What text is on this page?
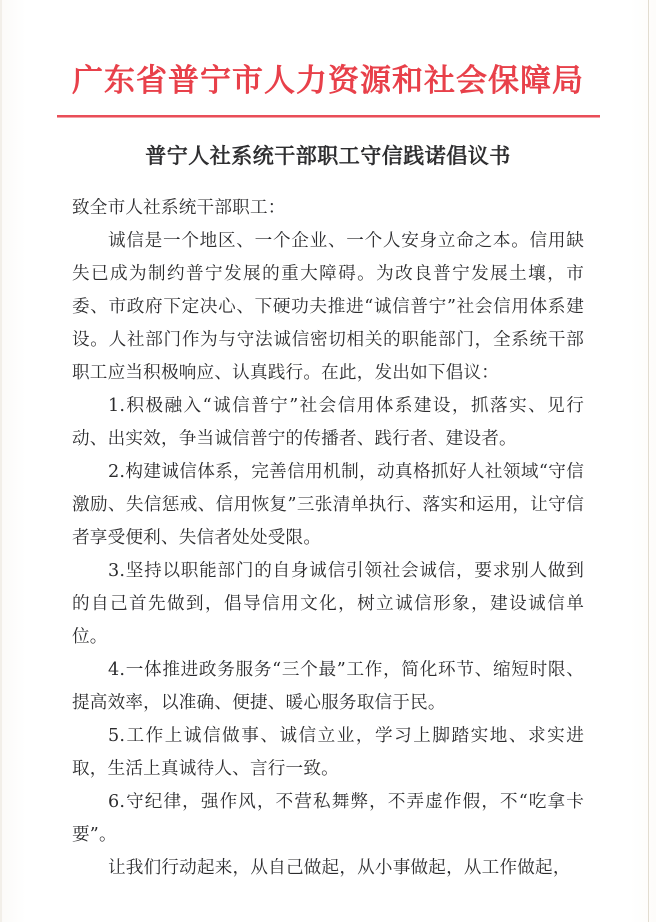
广东省普宁市人力资源和社会保障局
普宁人社系统干部职工守信践诺倡议书

致全市人社系统干部职工：

诚信是一个地区、一个企业、一个人安身立命之本。信用缺失已成为制约普宁发展的重大障碍。为改良普宁发展土壤，市委、市政府下定决心、下硬功夫推进“诚信普宁”社会信用体系建设。人社部门作为与守法诚信密切相关的职能部门，全系统干部职工应当积极响应、认真践行。在此，发出如下倡议：

1.积极融入“诚信普宁”社会信用体系建设，抓落实、见行动、出实效，争当诚信普宁的传播者、践行者、建设者。

2.构建诚信体系，完善信用机制，动真格抓好人社领域“守信激励、失信惩戒、信用恢复”三张清单执行、落实和运用，让守信者享受便利、失信者处处受限。

3.坚持以职能部门的自身诚信引领社会诚信，要求别人做到的自己首先做到，倡导信用文化，树立诚信形象，建设诚信单位。

4.一体推进政务服务“三个最”工作，简化环节、缩短时限、提高效率，以准确、便捷、暖心服务取信于民。

5.工作上诚信做事、诚信立业，学习上脚踏实地、求实进取，生活上真诚待人、言行一致。

6.守纪律，强作风，不营私舞弊，不弄虚作假，不“吃拿卡要”。

让我们行动起来，从自己做起，从小事做起，从工作做起，
